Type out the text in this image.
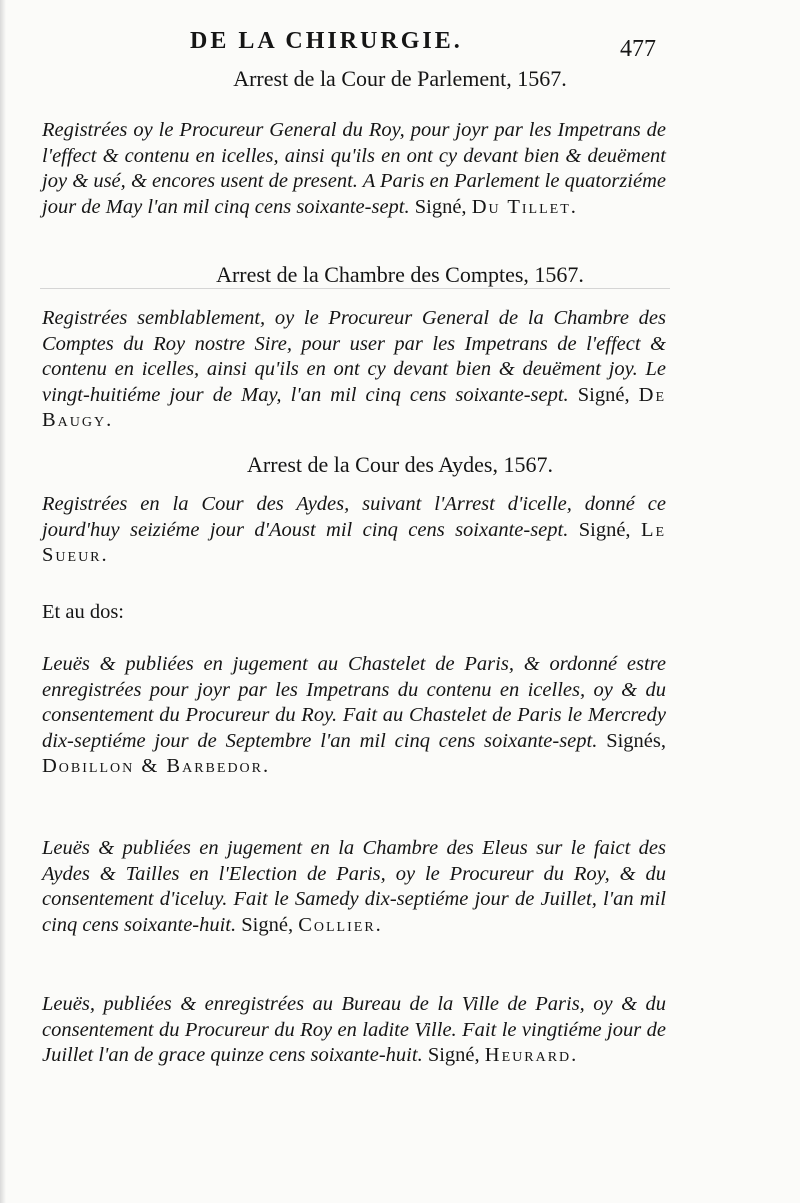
DE LA CHIRURGIE.	477
Arrest de la Cour de Parlement, 1567.
Registrées oy le Procureur General du Roy, pour joyr par les Impetrans de l'effect & contenu en icelles, ainsi qu'ils en ont cy devant bien & deuëment joy & usé, & encores usent de present. A Paris en Parlement le quatorziéme jour de May l'an mil cinq cens soixante-sept. Signé, Du Tillet.
Arrest de la Chambre des Comptes, 1567.
Registrées semblablement, oy le Procureur General de la Chambre des Comptes du Roy nostre Sire, pour user par les Impetrans de l'effect & contenu en icelles, ainsi qu'ils en ont cy devant bien & deuëment joy. Le vingt-huitiéme jour de May, l'an mil cinq cens soixante-sept. Signé, De Baugy.
Arrest de la Cour des Aydes, 1567.
Registrées en la Cour des Aydes, suivant l'Arrest d'icelle, donné ce jourd'huy seiziéme jour d'Aoust mil cinq cens soixante-sept. Signé, Le Sueur.
Et au dos:
Leuës & publiées en jugement au Chastelet de Paris, & ordonné estre enregistrées pour joyr par les Impetrans du contenu en icelles, oy & du consentement du Procureur du Roy. Fait au Chastelet de Paris le Mercredy dix-septiéme jour de Septembre l'an mil cinq cens soixante-sept. Signés, Dobillon & Barbedor.
Leuës & publiées en jugement en la Chambre des Eleus sur le faict des Aydes & Tailles en l'Election de Paris, oy le Procureur du Roy, & du consentement d'iceluy. Fait le Samedy dix-septiéme jour de Juillet, l'an mil cinq cens soixante-huit. Signé, Collier.
Leuës, publiées & enregistrées au Bureau de la Ville de Paris, oy & du consentement du Procureur du Roy en ladite Ville. Fait le vingtiéme jour de Juillet l'an de grace quinze cens soixante-huit. Signé, Heurard.
